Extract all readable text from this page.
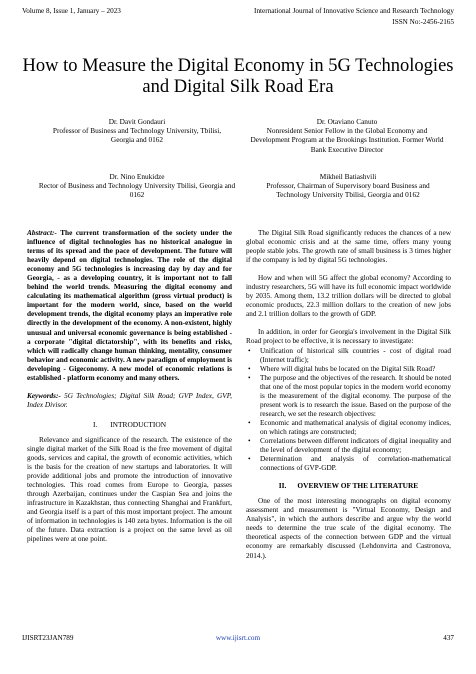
Volume 8, Issue 1, January – 2023	International Journal of Innovative Science and Research Technology
ISSN No:-2456-2165
How to Measure the Digital Economy in 5G Technologies and Digital Silk Road Era
Dr. Davit Gondauri
Professor of Business and Technology University, Tbilisi, Georgia and 0162
Dr. Otaviano Canuto
Nonresident Senior Fellow in the Global Economy and Development Program at the Brookings Institution. Former World Bank Executive Director
Dr. Nino Enukidze
Rector of Business and Technology University Tbilisi, Georgia and 0162
Mikheil Batiashvili
Professor, Chairman of Supervisory board Business and Technology University Tbilisi, Georgia and 0162

Abstract:- The current transformation of the society under the influence of digital technologies has no historical analogue in terms of its spread and the pace of development. The future will heavily depend on digital technologies. The role of the digital economy and 5G technologies is increasing day by day and for Georgia, - as a developing country, it is important not to fall behind the world trends. Measuring the digital economy and calculating its mathematical algorithm (gross virtual product) is important for the modern world, since, based on the world development trends, the digital economy plays an imperative role directly in the development of the economy. A non-existent, highly unusual and universal economic governance is being established - a corporate "digital dictatorship", with its benefits and risks, which will radically change human thinking, mentality, consumer behavior and economic activity. A new paradigm of employment is developing - Gigeconomy. A new model of economic relations is established - platform economy and many others.

Keywords:- 5G Technologies; Digital Silk Road; GVP Index, GVP, Index Divisor.

I.       INTRODUCTION

Relevance and significance of the research. The existence of the single digital market of the Silk Road is the free movement of digital goods, services and capital, the growth of economic activities, which is the basis for the creation of new startups and laboratories. It will provide additional jobs and promote the introduction of innovative technologies. This road comes from Europe to Georgia, passes through Azerbaijan, continues under the Caspian Sea and joins the infrastructure in Kazakhstan, thus connecting Shanghai and Frankfurt, and Georgia itself is a part of this most important project. The amount of information in technologies is 140 zeta bytes. Information is the oil of the future. Data extraction is a project on the same level as oil pipelines were at one point.

The Digital Silk Road significantly reduces the chances of a new global economic crisis and at the same time, offers many young people stable jobs. The growth rate of small business is 3 times higher if the company is led by digital 5G technologies.

How and when will 5G affect the global economy? According to industry researchers, 5G will have its full economic impact worldwide by 2035. Among them, 13.2 trillion dollars will be directed to global economic products, 22.3 million dollars to the creation of new jobs and 2.1 trillion dollars to the growth of GDP.

In addition, in order for Georgia's involvement in the Digital Silk Road project to be effective, it is necessary to investigate:

• Unification of historical silk countries - cost of digital road (Internet traffic);
• Where will digital hubs be located on the Digital Silk Road?
• The purpose and the objectives of the research. It should be noted that one of the most popular topics in the modern world economy is the measurement of the digital economy. The purpose of the present work is to research the issue. Based on the purpose of the research, we set the research objectives:
• Economic and mathematical analysis of digital economy indices, on which ratings are constructed;
• Correlations between different indicators of digital inequality and the level of development of the digital economy;
• Determination and analysis of correlation-mathematical connections of GVP-GDP.
II.      OVERVIEW OF THE LITERATURE

One of the most interesting monographs on digital economy assessment and measurement is "Virtual Economy, Design and Analysis", in which the authors describe and argue why the world needs to determine the true scale of the digital economy. The theoretical aspects of the connection between GDP and the virtual economy are remarkably discussed (Lehdonvirta and Castronova, 2014.).

IJISRT23JAN789	www.ijisrt.com	437
